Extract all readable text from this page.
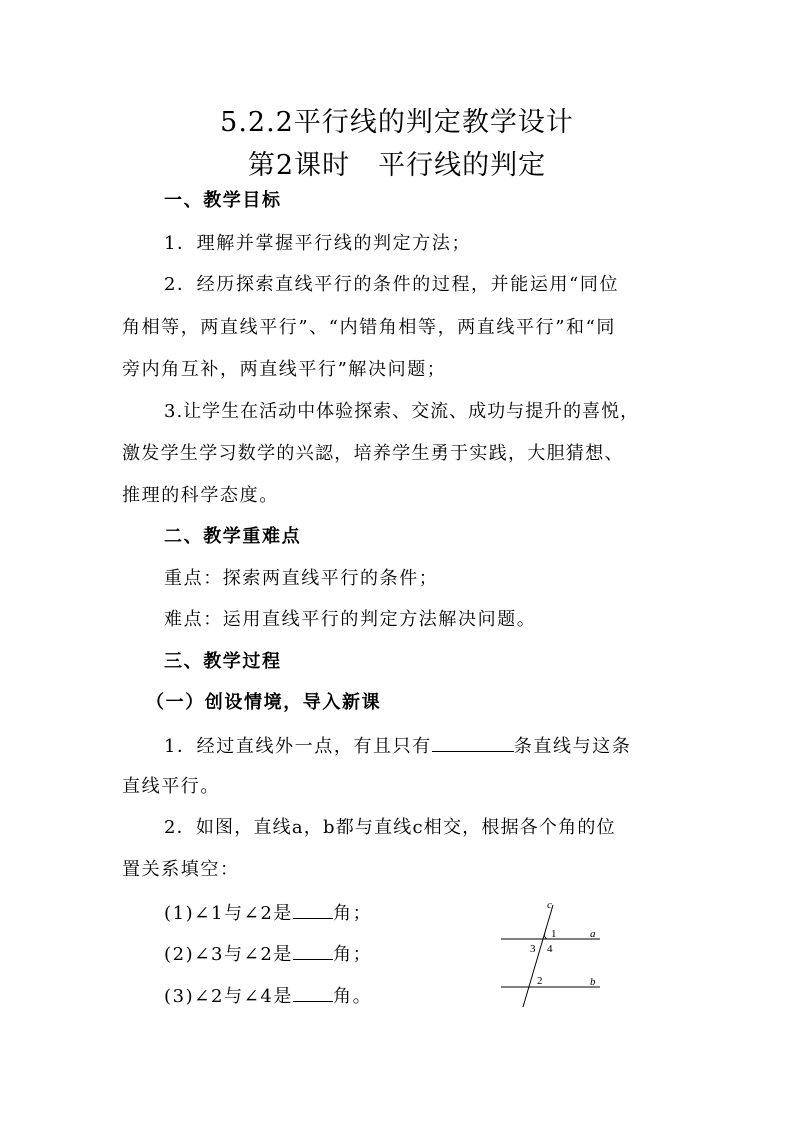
5.2.2平行线的判定教学设计
第2课时　平行线的判定
一、教学目标
1．理解并掌握平行线的判定方法；
2．经历探索直线平行的条件的过程，并能运用“同位
角相等，两直线平行”、“内错角相等，两直线平行”和“同
旁内角互补，两直线平行”解决问题；
3.让学生在活动中体验探索、交流、成功与提升的喜悦，
激发学生学习数学的兴認，培养学生勇于实践，大胆猜想、
推理的科学态度。
二、教学重难点
重点：探索两直线平行的条件；
难点：运用直线平行的判定方法解决问题。
三、教学过程
（一）创设情境，导入新课
1．经过直线外一点，有且只有	条直线与这条
直线平行。
2．如图，直线a，b都与直线c相交，根据各个角的位
置关系填空：
(1)∠1与∠2是 角；
(2)∠3与∠2是 角；
(3)∠2与∠4是 角。
c
a
b
1
3 4
2
